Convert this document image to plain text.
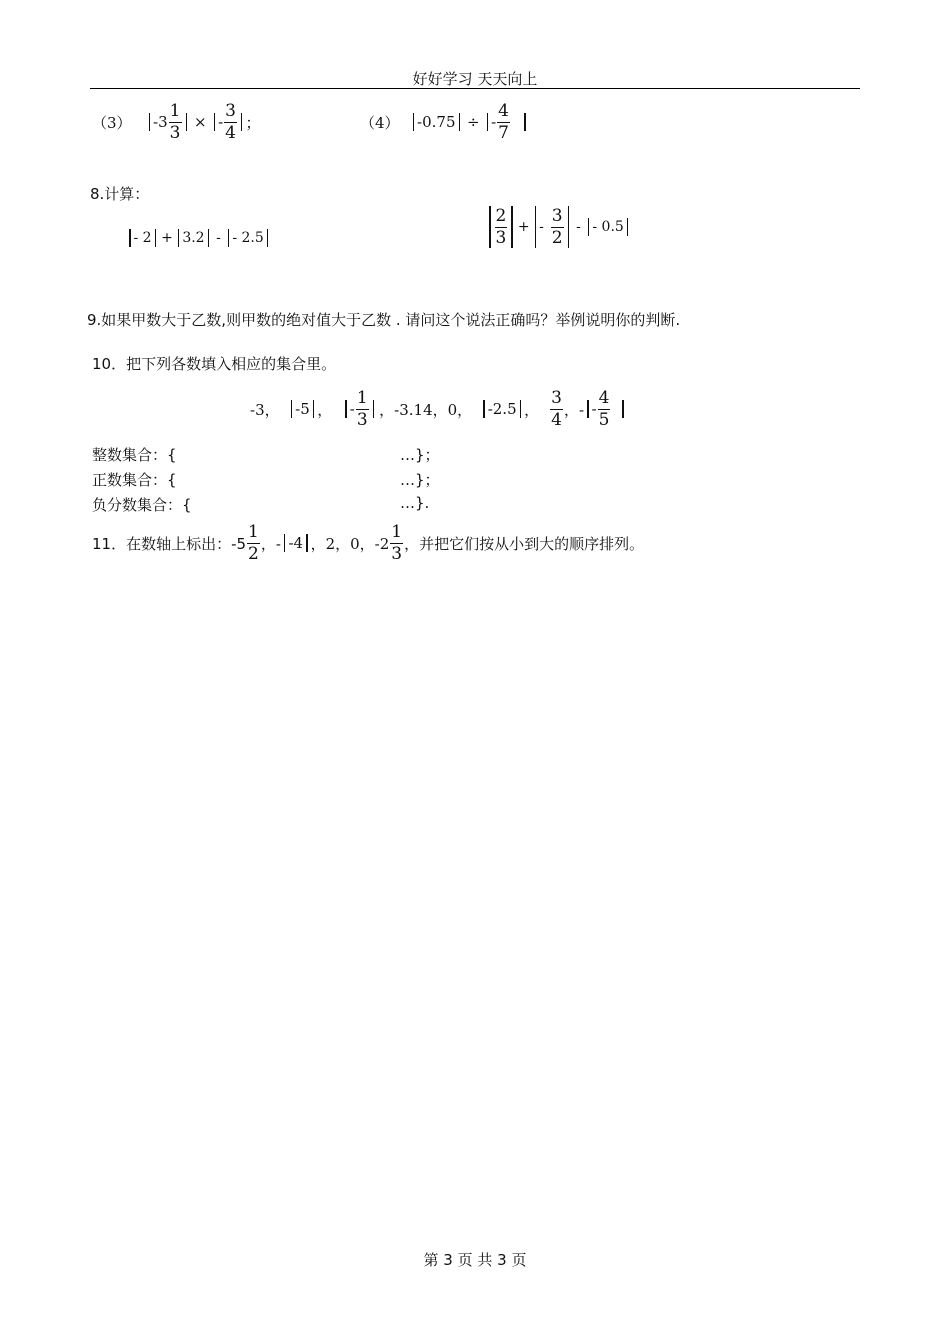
好好学习 天天向上
（3） $-3 \frac{1}{3}$ × - $\frac{3}{4}$ ；	（4） -0.75 ÷ - $\frac{4}{7}$
8.计算：
- 2 + 3.2 - - 2.5	$\frac{2}{3}$ + - $\frac{3}{2}$ - - 0.5
9.如果甲数大于乙数,则甲数的绝对值大于乙数 . 请问这个说法正确吗？举例说明你的判断.
10．把下列各数填入相应的集合里。
-3， -5 ， - $\frac{1}{3}$ ，-3.14，0， -2.5 ， $\frac{3}{4}$ ，- - $\frac{4}{5}$
整数集合：{	…}；
正数集合：{	…}；
负分数集合：{	…}.
11．在数轴上标出：$-5 \frac{1}{2}$ ，- -4 ，2，0，$-2 \frac{1}{3}$ ，并把它们按从小到大的顺序排列。
第 3 页 共 3 页
